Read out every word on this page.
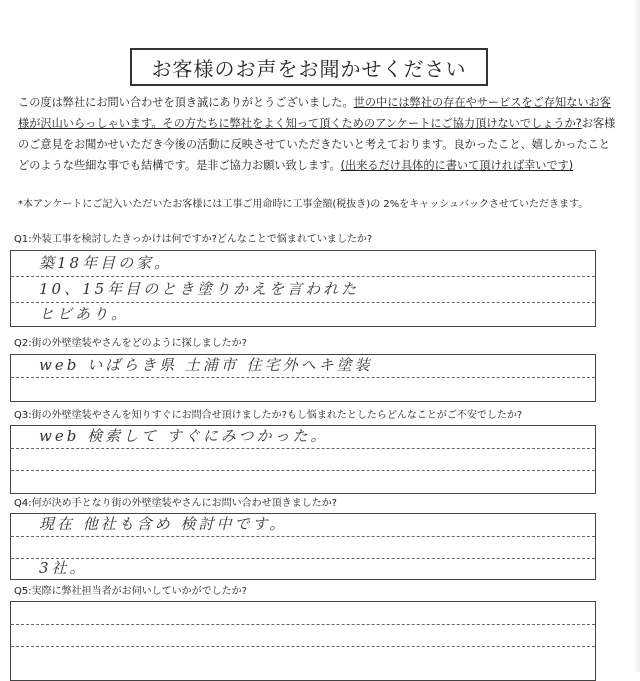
お客様のお声をお聞かせください

この度は弊社にお問い合わせを頂き誠にありがとうございました。世の中には弊社の存在やサービスをご存知ないお客様が沢山いらっしゃいます。その方たちに弊社をよく知って頂くためのアンケートにご協力頂けないでしょうか?お客様のご意見をお聞かせいただき今後の活動に反映させていただきたいと考えております。良かったこと、嬉しかったことどのような些細な事でも結構です。是非ご協力お願い致します。(出来るだけ具体的に書いて頂ければ幸いです)

*本アンケートにご記入いただいたお客様には工事ご用命時に工事金額(税抜き)の 2%をキャッシュバックさせていただきます。
Q1:外装工事を検討したきっかけは何ですか?どんなことで悩まれていましたか?
築18年目の家。
10、15年目のとき塗りかえを言われた
ヒビあり。
Q2:街の外壁塗装やさんをどのように探しましたか?
web いばらき県 土浦市 住宅外へキ塗装
Q3:街の外壁塗装やさんを知りすぐにお問合せ頂けましたか?もし悩まれたとしたらどんなことがご不安でしたか?
web 検索して すぐにみつかった。
Q4:何が決め手となり街の外壁塗装やさんにお問い合わせ頂きましたか?
現在 他社も含め 検討中です。
3社。
Q5:実際に弊社担当者がお伺いしていかがでしたか?
